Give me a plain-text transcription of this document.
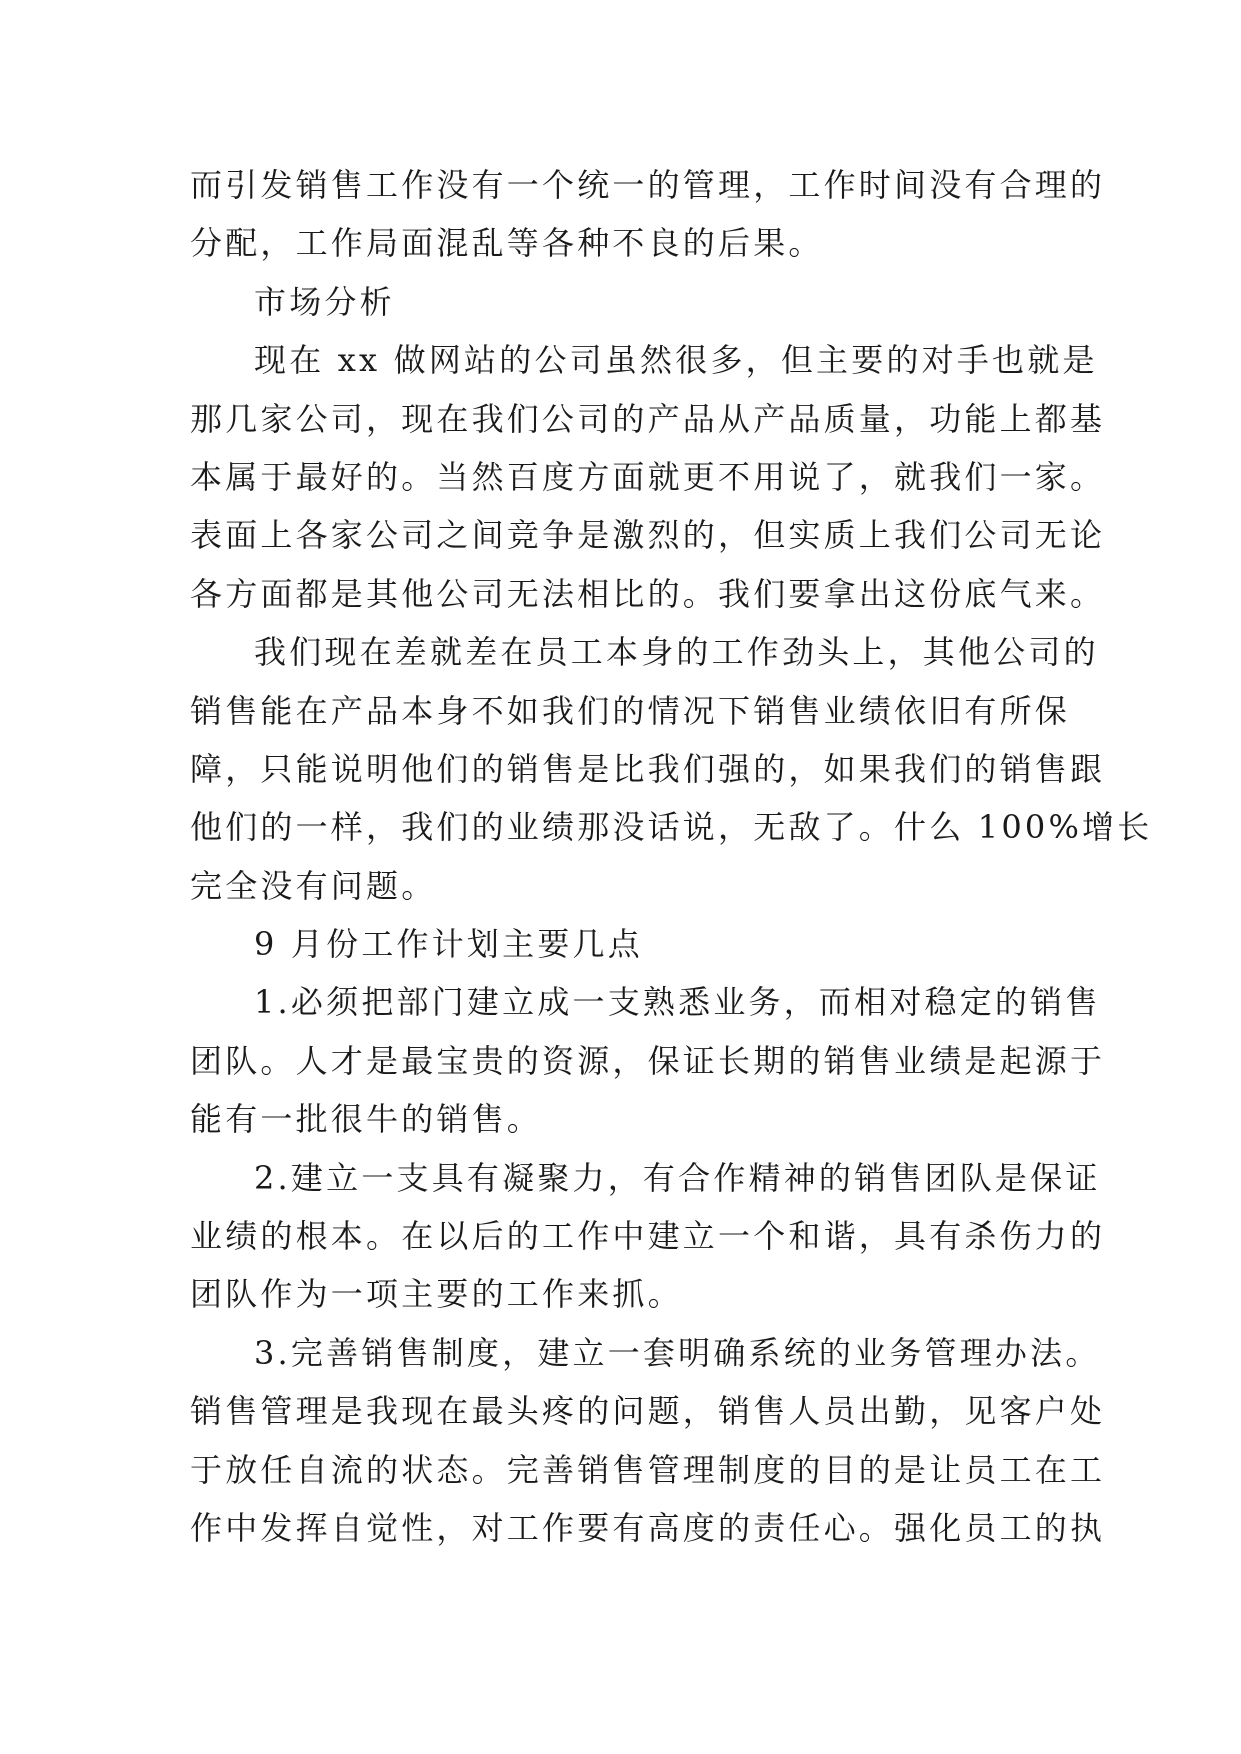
而引发销售工作没有一个统一的管理，工作时间没有合理的
分配，工作局面混乱等各种不良的后果。
市场分析
现在 xx 做网站的公司虽然很多，但主要的对手也就是
那几家公司，现在我们公司的产品从产品质量，功能上都基
本属于最好的。当然百度方面就更不用说了，就我们一家。
表面上各家公司之间竞争是激烈的，但实质上我们公司无论
各方面都是其他公司无法相比的。我们要拿出这份底气来。
我们现在差就差在员工本身的工作劲头上，其他公司的
销售能在产品本身不如我们的情况下销售业绩依旧有所保
障，只能说明他们的销售是比我们强的，如果我们的销售跟
他们的一样，我们的业绩那没话说，无敌了。什么 100%增长
完全没有问题。
9 月份工作计划主要几点
1.必须把部门建立成一支熟悉业务，而相对稳定的销售
团队。人才是最宝贵的资源，保证长期的销售业绩是起源于
能有一批很牛的销售。
2.建立一支具有凝聚力，有合作精神的销售团队是保证
业绩的根本。在以后的工作中建立一个和谐，具有杀伤力的
团队作为一项主要的工作来抓。
3.完善销售制度，建立一套明确系统的业务管理办法。
销售管理是我现在最头疼的问题，销售人员出勤，见客户处
于放任自流的状态。完善销售管理制度的目的是让员工在工
作中发挥自觉性，对工作要有高度的责任心。强化员工的执
